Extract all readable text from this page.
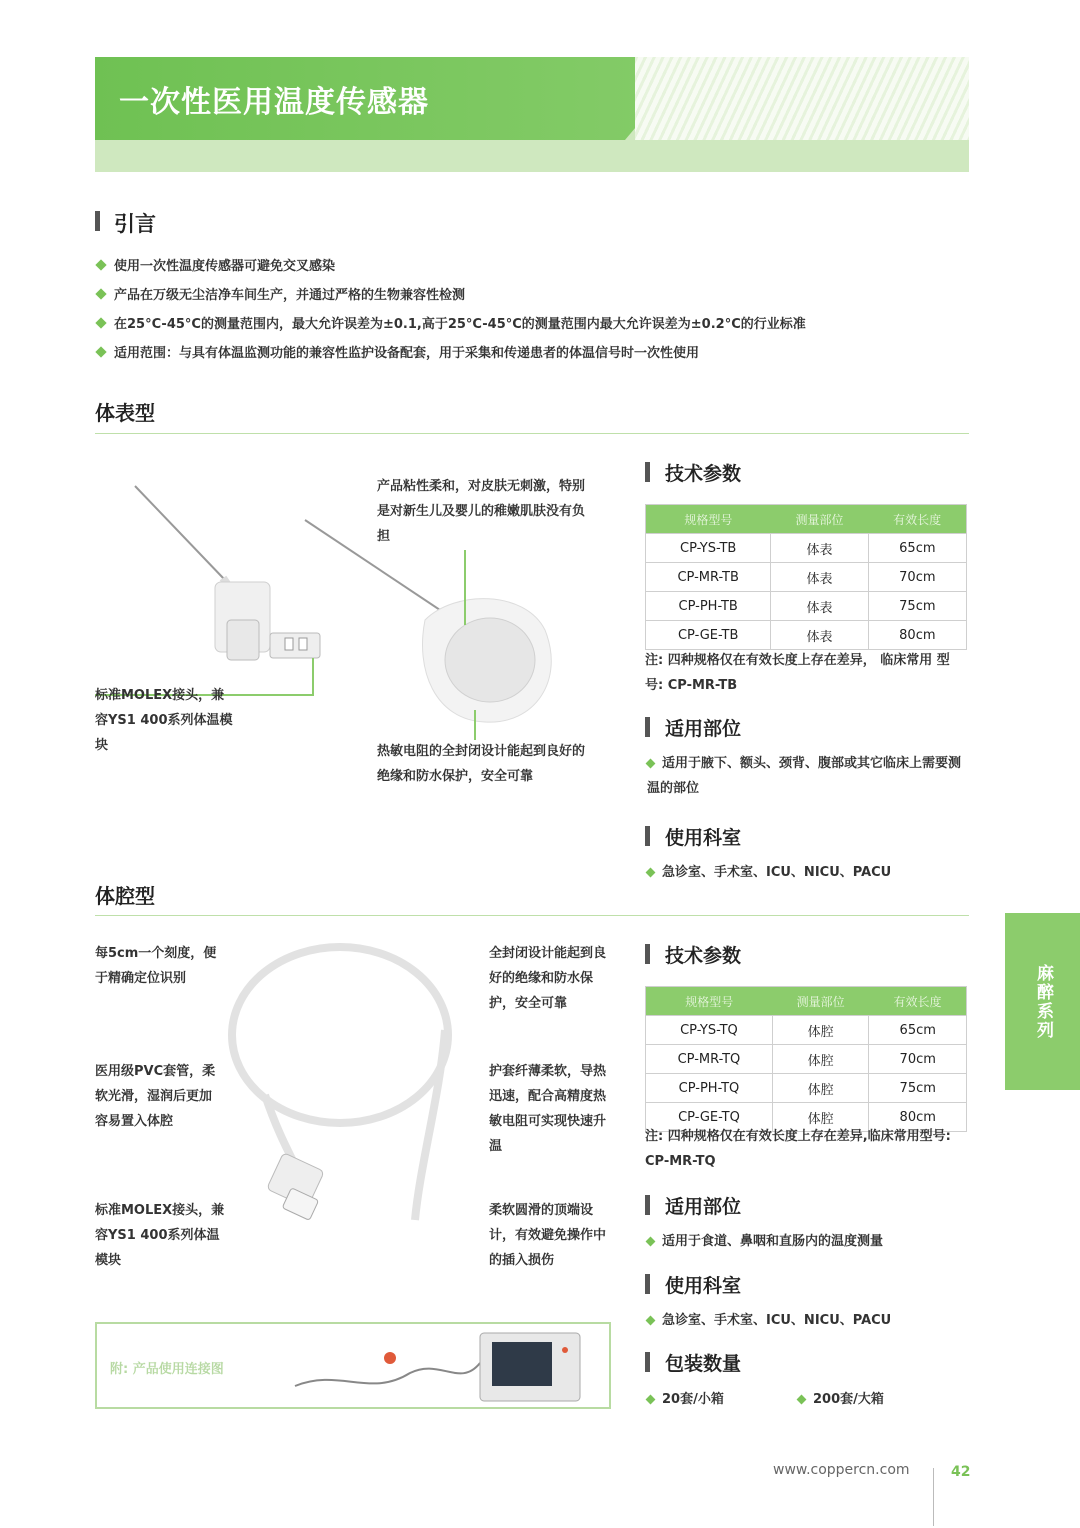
一次性医用温度传感器
引言
使用一次性温度传感器可避免交叉感染
产品在万级无尘洁净车间生产，并通过严格的生物兼容性检测
在25°C-45°C的测量范围内，最大允许误差为±0.1,高于25°C-45°C的测量范围内最大允许误差为±0.2°C的行业标准
适用范围：与具有体温监测功能的兼容性监护设备配套，用于采集和传递患者的体温信号时一次性使用
体表型
产品粘性柔和，对皮肤无刺激，特别是对新生儿及婴儿的稚嫩肌肤没有负担
标准MOLEX接头，兼容YS1 400系列体温模块	热敏电阻的全封闭设计能起到良好的绝缘和防水保护，安全可靠
技术参数
规格型号	测量部位	有效长度
CP-YS-TB	体表	65cm
CP-MR-TB	体表	70cm
CP-PH-TB	体表	75cm
CP-GE-TB	体表	80cm
注: 四种规格仅在有效长度上存在差异， 临床常用 型号: CP-MR-TB
适用部位
适用于腋下、额头、颈背、腹部或其它临床上需要测温的部位
使用科室
急诊室、手术室、ICU、NICU、PACU
体腔型
每5cm一个刻度，便于精确定位识别
医用级PVC套管，柔软光滑，湿润后更加容易置入体腔
标准MOLEX接头，兼容YS1 400系列体温模块
全封闭设计能起到良好的绝缘和防水保护，安全可靠
护套纤薄柔软，导热迅速，配合高精度热敏电阻可实现快速升温
柔软圆滑的顶端设计，有效避免操作中的插入损伤
技术参数
规格型号	测量部位	有效长度
CP-YS-TQ	体腔	65cm
CP-MR-TQ	体腔	70cm
CP-PH-TQ	体腔	75cm
CP-GE-TQ	体腔	80cm
注: 四种规格仅在有效长度上存在差异,临床常用型号: CP-MR-TQ
适用部位
适用于食道、鼻咽和直肠内的温度测量
使用科室
急诊室、手术室、ICU、NICU、PACU
包装数量
20套/小箱	200套/大箱
附: 产品使用连接图
麻醉系列
www.coppercn.com	42
